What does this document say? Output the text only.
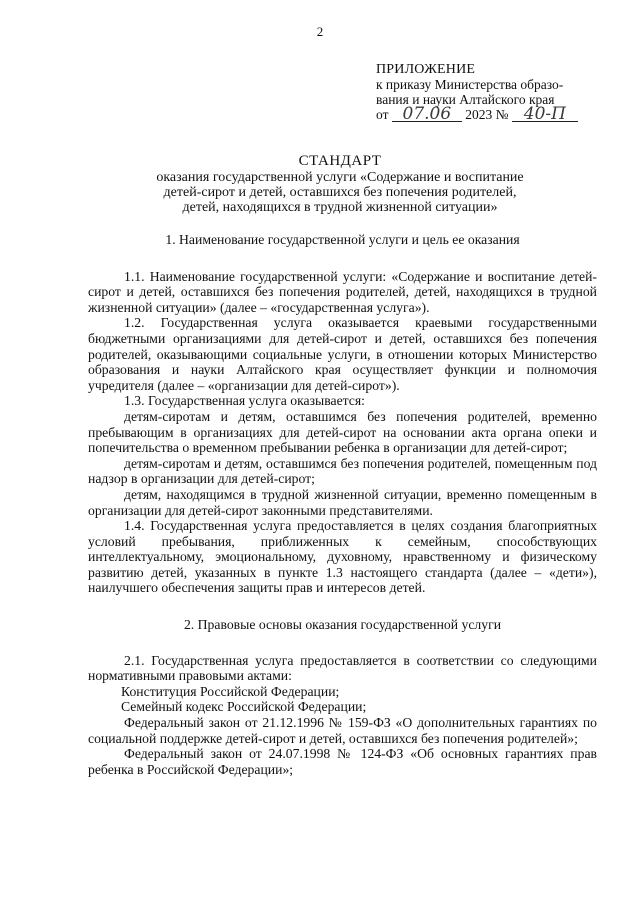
2
ПРИЛОЖЕНИЕ
к приказу Министерства образо-
вания и науки Алтайского края
от 07.06 2023 № 40-П
СТАНДАРТ
оказания государственной услуги «Содержание и воспитание
детей-сирот и детей, оставшихся без попечения родителей,
детей, находящихся в трудной жизненной ситуации»

1. Наименование государственной услуги и цель ее оказания

1.1. Наименование государственной услуги: «Содержание и воспитание детей-сирот и детей, оставшихся без попечения родителей, детей, находящихся в трудной жизненной ситуации» (далее – «государственная услуга»).

1.2. Государственная услуга оказывается краевыми государственными бюджетными организациями для детей-сирот и детей, оставшихся без попечения родителей, оказывающими социальные услуги, в отношении которых Министерство образования и науки Алтайского края осуществляет функции и полномочия учредителя (далее – «организации для детей-сирот»).

1.3. Государственная услуга оказывается:

детям-сиротам и детям, оставшимся без попечения родителей, временно пребывающим в организациях для детей-сирот на основании акта органа опеки и попечительства о временном пребывании ребенка в организации для детей-сирот;

детям-сиротам и детям, оставшимся без попечения родителей, помещенным под надзор в организации для детей-сирот;

детям, находящимся в трудной жизненной ситуации, временно помещенным в организации для детей-сирот законными представителями.

1.4. Государственная услуга предоставляется в целях создания благоприятных условий пребывания, приближенных к семейным, способствующих интеллектуальному, эмоциональному, духовному, нравственному и физическому развитию детей, указанных в пункте 1.3 настоящего стандарта (далее – «дети»), наилучшего обеспечения защиты прав и интересов детей.

2. Правовые основы оказания государственной услуги

2.1. Государственная услуга предоставляется в соответствии со следующими нормативными правовыми актами:

Конституция Российской Федерации;

Семейный кодекс Российской Федерации;

Федеральный закон от 21.12.1996 № 159-ФЗ «О дополнительных гарантиях по социальной поддержке детей-сирот и детей, оставшихся без попечения родителей»;

Федеральный закон от 24.07.1998 № 124-ФЗ «Об основных гарантиях прав ребенка в Российской Федерации»;
